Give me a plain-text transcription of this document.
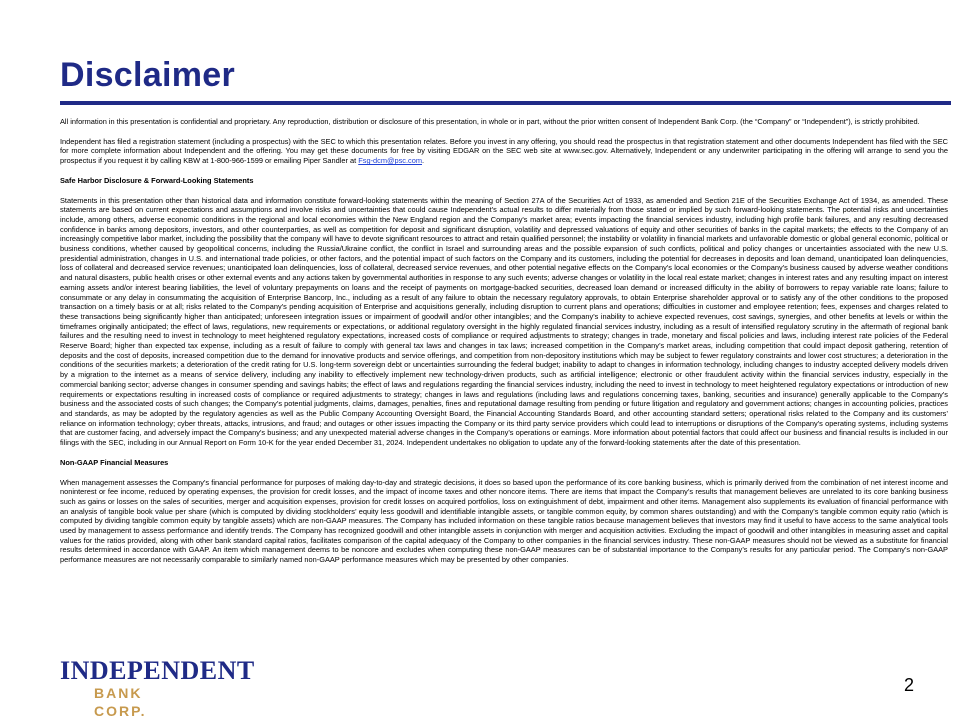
Disclaimer

All information in this presentation is confidential and proprietary. Any reproduction, distribution or disclosure of this presentation, in whole or in part, without the prior written consent of Independent Bank Corp. (the “Company” or “Independent”), is strictly prohibited.

Independent has filed a registration statement (including a prospectus) with the SEC to which this presentation relates. Before you invest in any offering, you should read the prospectus in that registration statement and other documents Independent has filed with the SEC for more complete information about Independent and the offering. You may get these documents for free by visiting EDGAR on the SEC web site at www.sec.gov. Alternatively, Independent or any underwriter participating in the offering will arrange to send you the prospectus if you request it by calling KBW at 1-800-966-1599 or emailing Piper Sandler at Fsg-dcm@psc.com.

Safe Harbor Disclosure & Forward-Looking Statements

Statements in this presentation other than historical data and information constitute forward-looking statements within the meaning of Section 27A of the Securities Act of 1933, as amended and Section 21E of the Securities Exchange Act of 1934, as amended. These statements are based on current expectations and assumptions and involve risks and uncertainties that could cause Independent’s actual results to differ materially from those stated or implied by such forward-looking statements. The potential risks and uncertainties include, among others, adverse economic conditions in the regional and local economies within the New England region and the Company's market area; events impacting the financial services industry, including high profile bank failures, and any resulting decreased confidence in banks among depositors, investors, and other counterparties, as well as competition for deposit and significant disruption, volatility and depressed valuations of equity and other securities of banks in the capital markets; the effects to the Company of an increasingly competitive labor market, including the possibility that the company will have to devote significant resources to attract and retain qualified personnel; the instability or volatility in financial markets and unfavorable domestic or global general economic, political or business conditions, whether caused by geopolitical concerns, including the Russia/Ukraine conflict, the conflict in Israel and surrounding areas and the possible expansion of such conflicts, political and policy changes or uncertainties associated with the new U.S. presidential administration, changes in U.S. and international trade policies, or other factors, and the potential impact of such factors on the Company and its customers, including the potential for decreases in deposits and loan demand, unanticipated loan delinquencies, loss of collateral and decreased service revenues; unanticipated loan delinquencies, loss of collateral, decreased service revenues, and other potential negative effects on the Company’s local economies or the Company's business caused by adverse weather conditions and natural disasters, public health crises or other external events and any actions taken by governmental authorities in response to any such events; adverse changes or volatility in the local real estate market; changes in interest rates and any resulting impact on interest earning assets and/or interest bearing liabilities, the level of voluntary prepayments on loans and the receipt of payments on mortgage-backed securities, decreased loan demand or increased difficulty in the ability of borrowers to repay variable rate loans; failure to consummate or any delay in consummating the acquisition of Enterprise Bancorp, Inc., including as a result of any failure to obtain the necessary regulatory approvals, to obtain Enterprise shareholder approval or to satisfy any of the other conditions to the proposed transaction on a timely basis or at all; risks related to the Company’s pending acquisition of Enterprise and acquisitions generally, including disruption to current plans and operations; difficulties in customer and employee retention; fees, expenses and charges related to these transactions being significantly higher than anticipated; unforeseen integration issues or impairment of goodwill and/or other intangibles; and the Company's inability to achieve expected revenues, cost savings, synergies, and other benefits at levels or within the timeframes originally anticipated; the effect of laws, regulations, new requirements or expectations, or additional regulatory oversight in the highly regulated financial services industry, including as a result of intensified regulatory scrutiny in the aftermath of regional bank failures and the resulting need to invest in technology to meet heightened regulatory expectations, increased costs of compliance or required adjustments to strategy; changes in trade, monetary and fiscal policies and laws, including interest rate policies of the Federal Reserve Board; higher than expected tax expense, including as a result of failure to comply with general tax laws and changes in tax laws; increased competition in the Company’s market areas, including competition that could impact deposit gathering, retention of deposits and the cost of deposits, increased competition due to the demand for innovative products and service offerings, and competition from non-depository institutions which may be subject to fewer regulatory constraints and lower cost structures; a deterioration in the conditions of the securities markets; a deterioration of the credit rating for U.S. long-term sovereign debt or uncertainties surrounding the federal budget; inability to adapt to changes in information technology, including changes to industry accepted delivery models driven by a migration to the internet as a means of service delivery, including any inability to effectively implement new technology-driven products, such as artificial intelligence; electronic or other fraudulent activity within the financial services industry, especially in the commercial banking sector; adverse changes in consumer spending and savings habits; the effect of laws and regulations regarding the financial services industry, including the need to invest in technology to meet heightened regulatory expectations or introduction of new requirements or expectations resulting in increased costs of compliance or required adjustments to strategy; changes in laws and regulations (including laws and regulations concerning taxes, banking, securities and insurance) generally applicable to the Company’s business and the associated costs of such changes; the Company’s potential judgments, claims, damages, penalties, fines and reputational damage resulting from pending or future litigation and regulatory and government actions; changes in accounting policies, practices and standards, as may be adopted by the regulatory agencies as well as the Public Company Accounting Oversight Board, the Financial Accounting Standards Board, and other accounting standard setters; operational risks related to the Company and its customers’ reliance on information technology; cyber threats, attacks, intrusions, and fraud; and outages or other issues impacting the Company or its third party service providers which could lead to interruptions or disruptions of the Company’s operating systems, including systems that are customer facing, and adversely impact the Company’s business; and any unexpected material adverse changes in the Company’s operations or earnings. More information about potential factors that could affect our business and financial results is included in our filings with the SEC, including in our Annual Report on Form 10-K for the year ended December 31, 2024. Independent undertakes no obligation to update any of the forward-looking statements after the date of this presentation.

Non-GAAP Financial Measures

When management assesses the Company’s financial performance for purposes of making day-to-day and strategic decisions, it does so based upon the performance of its core banking business, which is primarily derived from the combination of net interest income and noninterest or fee income, reduced by operating expenses, the provision for credit losses, and the impact of income taxes and other noncore items. There are items that impact the Company’s results that management believes are unrelated to its core banking business such as gains or losses on the sales of securities, merger and acquisition expenses, provision for credit losses on acquired portfolios, loss on extinguishment of debt, impairment and other items. Management also supplements its evaluation of financial performance with an analysis of tangible book value per share (which is computed by dividing stockholders’ equity less goodwill and identifiable intangible assets, or tangible common equity, by common shares outstanding) and with the Company’s tangible common equity ratio (which is computed by dividing tangible common equity by tangible assets) which are non-GAAP measures. The Company has included information on these tangible ratios because management believes that investors may find it useful to have access to the same analytical tools used by management to assess performance and identify trends. The Company has recognized goodwill and other intangible assets in conjunction with merger and acquisition activities. Excluding the impact of goodwill and other intangibles in measuring asset and capital values for the ratios provided, along with other bank standard capital ratios, facilitates comparison of the capital adequacy of the Company to other companies in the financial services industry. These non-GAAP measures should not be viewed as a substitute for financial results determined in accordance with GAAP. An item which management deems to be noncore and excludes when computing these non-GAAP measures can be of substantial importance to the Company’s results for any particular period. The Company’s non-GAAP performance measures are not necessarily comparable to similarly named non-GAAP performance measures which may be presented by other companies.

INDEPENDENT
BANK CORP.
2
